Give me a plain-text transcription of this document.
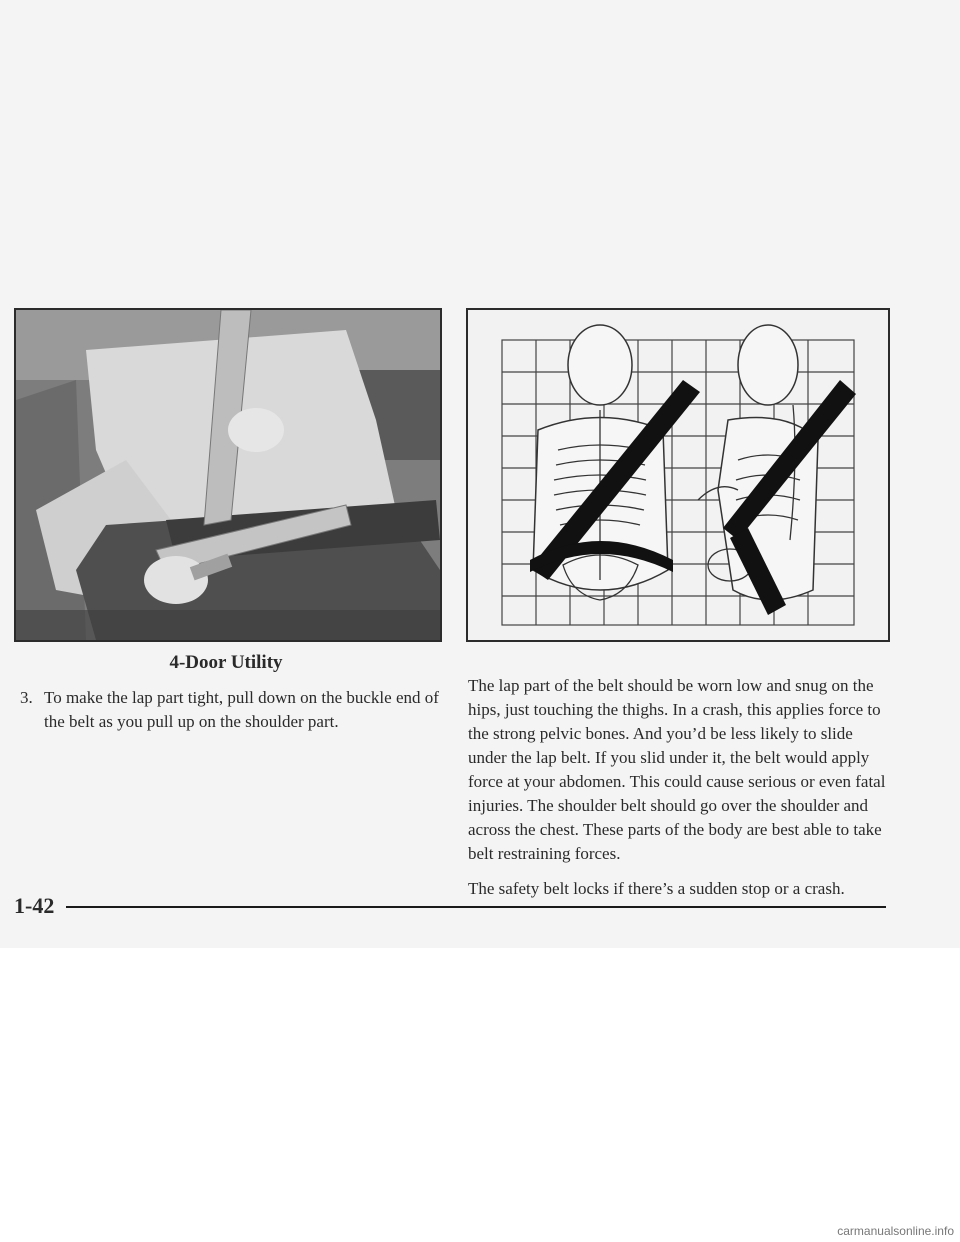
4-Door Utility
3. To make the lap part tight, pull down on the buckle end of the belt as you pull up on the shoulder part.

The lap part of the belt should be worn low and snug on the hips, just touching the thighs. In a crash, this applies force to the strong pelvic bones. And you’d be less likely to slide under the lap belt. If you slid under it, the belt would apply force at your abdomen. This could cause serious or even fatal injuries. The shoulder belt should go over the shoulder and across the chest. These parts of the body are best able to take belt restraining forces.

The safety belt locks if there’s a sudden stop or a crash.

1-42
carmanualsonline.info
